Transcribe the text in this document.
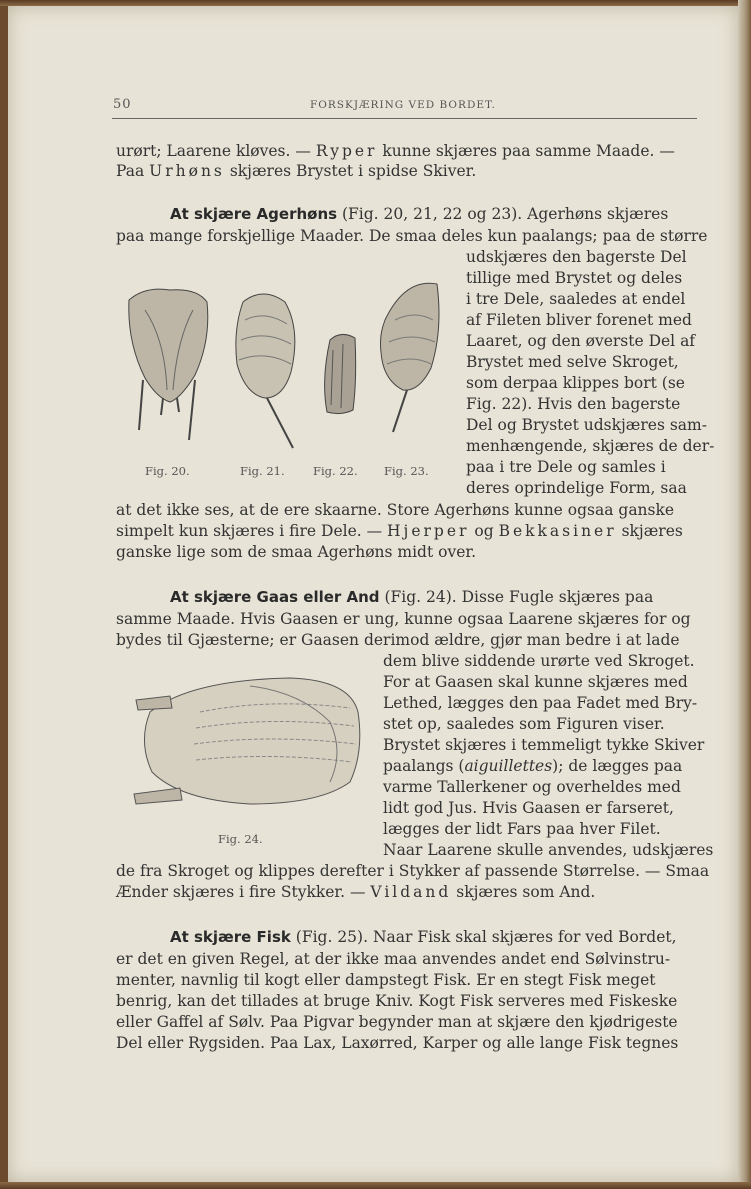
50	FORSKJÆRING VED BORDET.
urørt; Laarene kløves. — Ryper kunne skjæres paa samme Maade. —
Paa Urhøns skjæres Brystet i spidse Skiver.
At skjære Agerhøns (Fig. 20, 21, 22 og 23). Agerhøns skjæres
paa mange forskjellige Maader. De smaa deles kun paalangs; paa de større
udskjæres den bagerste Del
tillige med Brystet og deles
i tre Dele, saaledes at endel
af Fileten bliver forenet med
Laaret, og den øverste Del af
Brystet med selve Skroget,
som derpaa klippes bort (se
Fig. 22). Hvis den bagerste
Del og Brystet udskjæres sam-
menhængende, skjæres de der-
paa i tre Dele og samles i
deres oprindelige Form, saa
at det ikke ses, at de ere skaarne. Store Agerhøns kunne ogsaa ganske
simpelt kun skjæres i fire Dele. — Hjerper og Bekkasiner skjæres
ganske lige som de smaa Agerhøns midt over.
Fig. 20.	Fig. 21. Fig. 22. Fig. 23.
At skjære Gaas eller And (Fig. 24). Disse Fugle skjæres paa
samme Maade. Hvis Gaasen er ung, kunne ogsaa Laarene skjæres for og
bydes til Gjæsterne; er Gaasen derimod ældre, gjør man bedre i at lade
dem blive siddende urørte ved Skroget.
For at Gaasen skal kunne skjæres med
Lethed, lægges den paa Fadet med Bry-
stet op, saaledes som Figuren viser.
Brystet skjæres i temmeligt tykke Skiver
paalangs (aiguillettes); de lægges paa
varme Tallerkener og overheldes med
lidt god Jus. Hvis Gaasen er farseret,
lægges der lidt Fars paa hver Filet.
Naar Laarene skulle anvendes, udskjæres
de fra Skroget og klippes derefter i Stykker af passende Størrelse. — Smaa
Ænder skjæres i fire Stykker. — Vildand skjæres som And.
Fig. 24.
At skjære Fisk (Fig. 25). Naar Fisk skal skjæres for ved Bordet,
er det en given Regel, at der ikke maa anvendes andet end Sølvinstru-
menter, navnlig til kogt eller dampstegt Fisk. Er en stegt Fisk meget
benrig, kan det tillades at bruge Kniv. Kogt Fisk serveres med Fiskeske
eller Gaffel af Sølv. Paa Pigvar begynder man at skjære den kjødrigeste
Del eller Rygsiden. Paa Lax, Laxørred, Karper og alle lange Fisk tegnes
